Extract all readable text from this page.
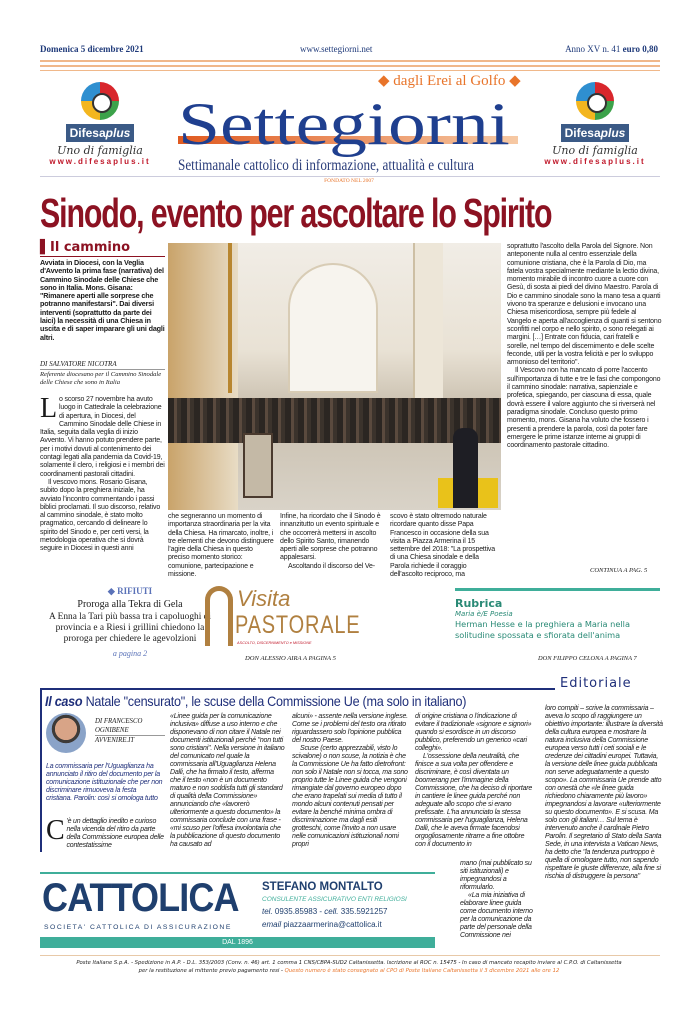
Domenica 5 dicembre 2021	www.settegiorni.net	Anno XV n. 41 euro 0,80
Difesaplus
Uno di famiglia
www.difesaplus.it
Difesaplus
Uno di famiglia
www.difesaplus.it
◆ dagli Erei al Golfo ◆
Settegiorni
Settimanale cattolico di informazione, attualità e cultura
FONDATO NEL 2007
Sinodo, evento per ascoltare lo Spirito
▌Il cammino
Avviata in Diocesi, con la Veglia d'Avvento la prima fase (narrativa) del Cammino Sinodale delle Chiese che sono in Italia. Mons. Gisana: "Rimanere aperti alle sorprese che potranno manifestarsi". Dai diversi interventi (soprattutto da parte dei laici) la necessità di una Chiesa in uscita e di saper imparare gli uni dagli altri.
DI SALVATORE NICOTRA
Referente diocesano per il Cammino Sinodale delle Chiese che sono in Italia
Lo scorso 27 novembre ha avuto luogo in Cattedrale la celebrazione di apertura, in Diocesi, del Cammino Sinodale delle Chiese in Italia, seguita dalla veglia di inizio Avvento. Vi hanno potuto prendere parte, per i motivi dovuti al contenimento dei contagi legati alla pandemia da Covid-19, solamente il clero, i religiosi e i membri dei coordinamenti pastorali cittadini.

Il vescovo mons. Rosario Gisana, subito dopo la preghiera iniziale, ha avviato l'incontro commentando i passi biblici proclamati. Il suo discorso, relativo al cammino sinodale, è stato molto pragmatico, cercando di delineare lo spirito del Sinodo e, per certi versi, la metodologia operativa che si dovrà seguire in Diocesi in questi anni

che segneranno un momento di importanza straordinaria per la vita della Chiesa. Ha rimarcato, inoltre, i tre elementi che devono distinguere l'agire della Chiesa in questo preciso momento storico: comunione, partecipazione e missione.
Infine, ha ricordato che il Sinodo è innanzitutto un evento spirituale e che occorrerà mettersi in ascolto dello Spirito Santo, rimanendo aperti alle sorprese che potranno appalesarsi.

Ascoltando il discorso del Ve-

scovo è stato oltremodo naturale ricordare quanto disse Papa Francesco in occasione della sua visita a Piazza Armerina il 15 settembre del 2018: "La prospettiva di una Chiesa sinodale e della Parola richiede il coraggio dell'ascolto reciproco, ma
soprattutto l'ascolto della Parola del Signore. Non anteponente nulla al centro essenziale della comunione cristiana, che è la Parola di Dio, ma fatela vostra specialmente mediante la lectio divina, momento mirabile di incontro cuore a cuore con Gesù, di sosta ai piedi del divino Maestro. Parola di Dio e cammino sinodale sono la mano tesa a quanti vivono tra speranze e delusioni e invocano una Chiesa misericordiosa, sempre più fedele al Vangelo e aperta all'accoglienza di quanti si sentono sconfitti nel corpo e nello spirito, o sono relegati ai margini. […] Entrate con fiducia, cari fratelli e sorelle, nel tempo del discernimento e delle scelte feconde, utili per la vostra felicità e per lo sviluppo armonioso del territorio".

Il Vescovo non ha mancato di porre l'accento sull'importanza di tutte e tre le fasi che compongono il cammino sinodale: narrativa, sapienziale e profetica, spiegando, per ciascuna di essa, quale dovrà essere il valore aggiunto che si riverserà nel paradigma sinodale. Concluso questo primo momento, mons. Gisana ha voluto che fossero i presenti a prendere la parola, così da poter fare emergere le prime istanze interne ai gruppi di coordinamento pastorale cittadino.

CONTINUA A PAG. 5
◆ RIFIUTI
Proroga alla Tekra di Gela
A Enna la Tari più bassa tra i capoluoghi di provincia e a Riesi i grillini chiedono la proroga per chiedere le agevolzioni
a pagina 2
Visita
PASTORALE
ASCOLTO, DISCERNIMENTO e MISSIONE
DON ALESSIO AIRA A PAGINA 5
Rubrica
Maria è/E Poesia
Herman Hesse e la preghiera a Maria nella solitudine spossata e sfiorata dell'anima
DON FILIPPO CELONA A PAGINA 7
Editoriale
Il caso Natale "censurato", le scuse della Commissione Ue (ma solo in italiano)
DI FRANCESCO OGNIBENE
AVVENIRE.IT
La commissaria per l'Uguaglianza ha annunciato il ritiro del documento per la comunicazione istituzionale che per non discriminare rimuoveva la festa cristiana. Parolin: così si omologa tutto
C 'è un dettaglio inedito e curioso nella vicenda del ritiro da parte della Commissione europea delle contestatissime
«Linee guida per la comunicazione inclusiva» diffuse a uso interno e che disponevano di non citare il Natale nei documenti istituzionali perché "non tutti sono cristiani". Nella versione in italiano del comunicato nel quale la commissaria all'Uguaglianza Helena Dalli, che ha firmato il testo, afferma che il testo «non è un documento maturo e non soddisfa tutti gli standard di qualità della Commissione» annunciando che «lavorerò ulteriormente a questo documento» la commissaria conclude con una frase - «mi scuso per l'offesa involontaria che la pubblicazione di questo documento ha causato ad
alcuni» - assente nella versione inglese. Come se i problemi del testo ora ritirato riguardassero solo l'opinione pubblica del nostro Paese.

Scuse (certo apprezzabili, visto lo scivalone) o non scuse, la notizia è che la Commissione Ue ha fatto dietrofront: non solo il Natale non si tocca, ma sono proprio tutte le Linee guida che vengoni rimangiate dal governo europeo dopo che erano trapelati sui media di tutto il mondo alcuni contenuti pensati per evitare la benché minima ombra di discriminazione ma dagli esiti grotteschi, come l'invito a non usare nelle comunicazioni istituzionali nomi propri

di origine cristiana o l'indicazione di evitare il tradizionale «signore e signori» quando si esordisce in un discorso pubblico, preferendo un generico «cari colleghi».

L'ossessione della neutralità, che finisce a sua volta per offendere e discriminare, è così diventata un boomerang per l'immagine della Commissione, che ha deciso di riportare in cantiere le linee guida perché non adeguate allo scopo che si erano prefissate. L'ha annunciato la stessa commissaria per l'uguaglianza, Helena Dalli, che le aveva firmate facendosi orgogliosamente ritrarre a fine ottobre con il documento in

mano (mai pubblicato su siti istituzionali) e impegnandosi a riformularlo.

«La mia iniziativa di elaborare linee guida come documento interno per la comunicazione da parte del personale della Commissione nei

loro compiti – scrive la commissaria – aveva lo scopo di raggiungere un obiettivo importante: illustrare la diversità della cultura europea e mostrare la natura inclusiva della Commissione europea verso tutti i ceti sociali e le credenze dei cittadini europei. Tuttavia, la versione delle linee guida pubblicata non serve adeguatamente a questo scopo». La commissaria Ue prende atto con onestà che «le linee guida richiedono chiaramente più lavoro» impegnandosi a lavorare «ulteriormente su questo documento». E si scusa. Ma solo con gli italiani… Sul tema è intervenuto anche il cardinale Pietro Parolin. Il segretario di Stato della Santa Sede, in una intervista a Vatican News, ha detto che "la tendenza purtroppo è quella di omologare tutto, non sapendo rispettare le giuste differenze, alla fine si rischia di distruggere la persona"
CATTOLICA
SOCIETA' CATTOLICA DI ASSICURAZIONE
STEFANO MONTALTO
CONSULENTE ASSICURATIVO ENTI RELIGIOSI
tel. 0935.85983 - cell. 335.5921257
email piazzaarmerina@cattolica.it
DAL 1896
Poste Italiane S.p.A. - Spedizione in A.P. - D.L. 353/2003 (Conv. n. 46) art. 1 comma 1 CNS/CBPA-SUD2 Caltanissetta. Iscrizione al ROC n. 15475 - In caso di mancato recapito inviare al C.P.O. di Caltanissetta
per la restituzione al mittente previo pagamento resi - Questo numero è stato consegnato al CPO di Poste Italiane Caltanissetta il 3 dicembre 2021 alle ore 12
